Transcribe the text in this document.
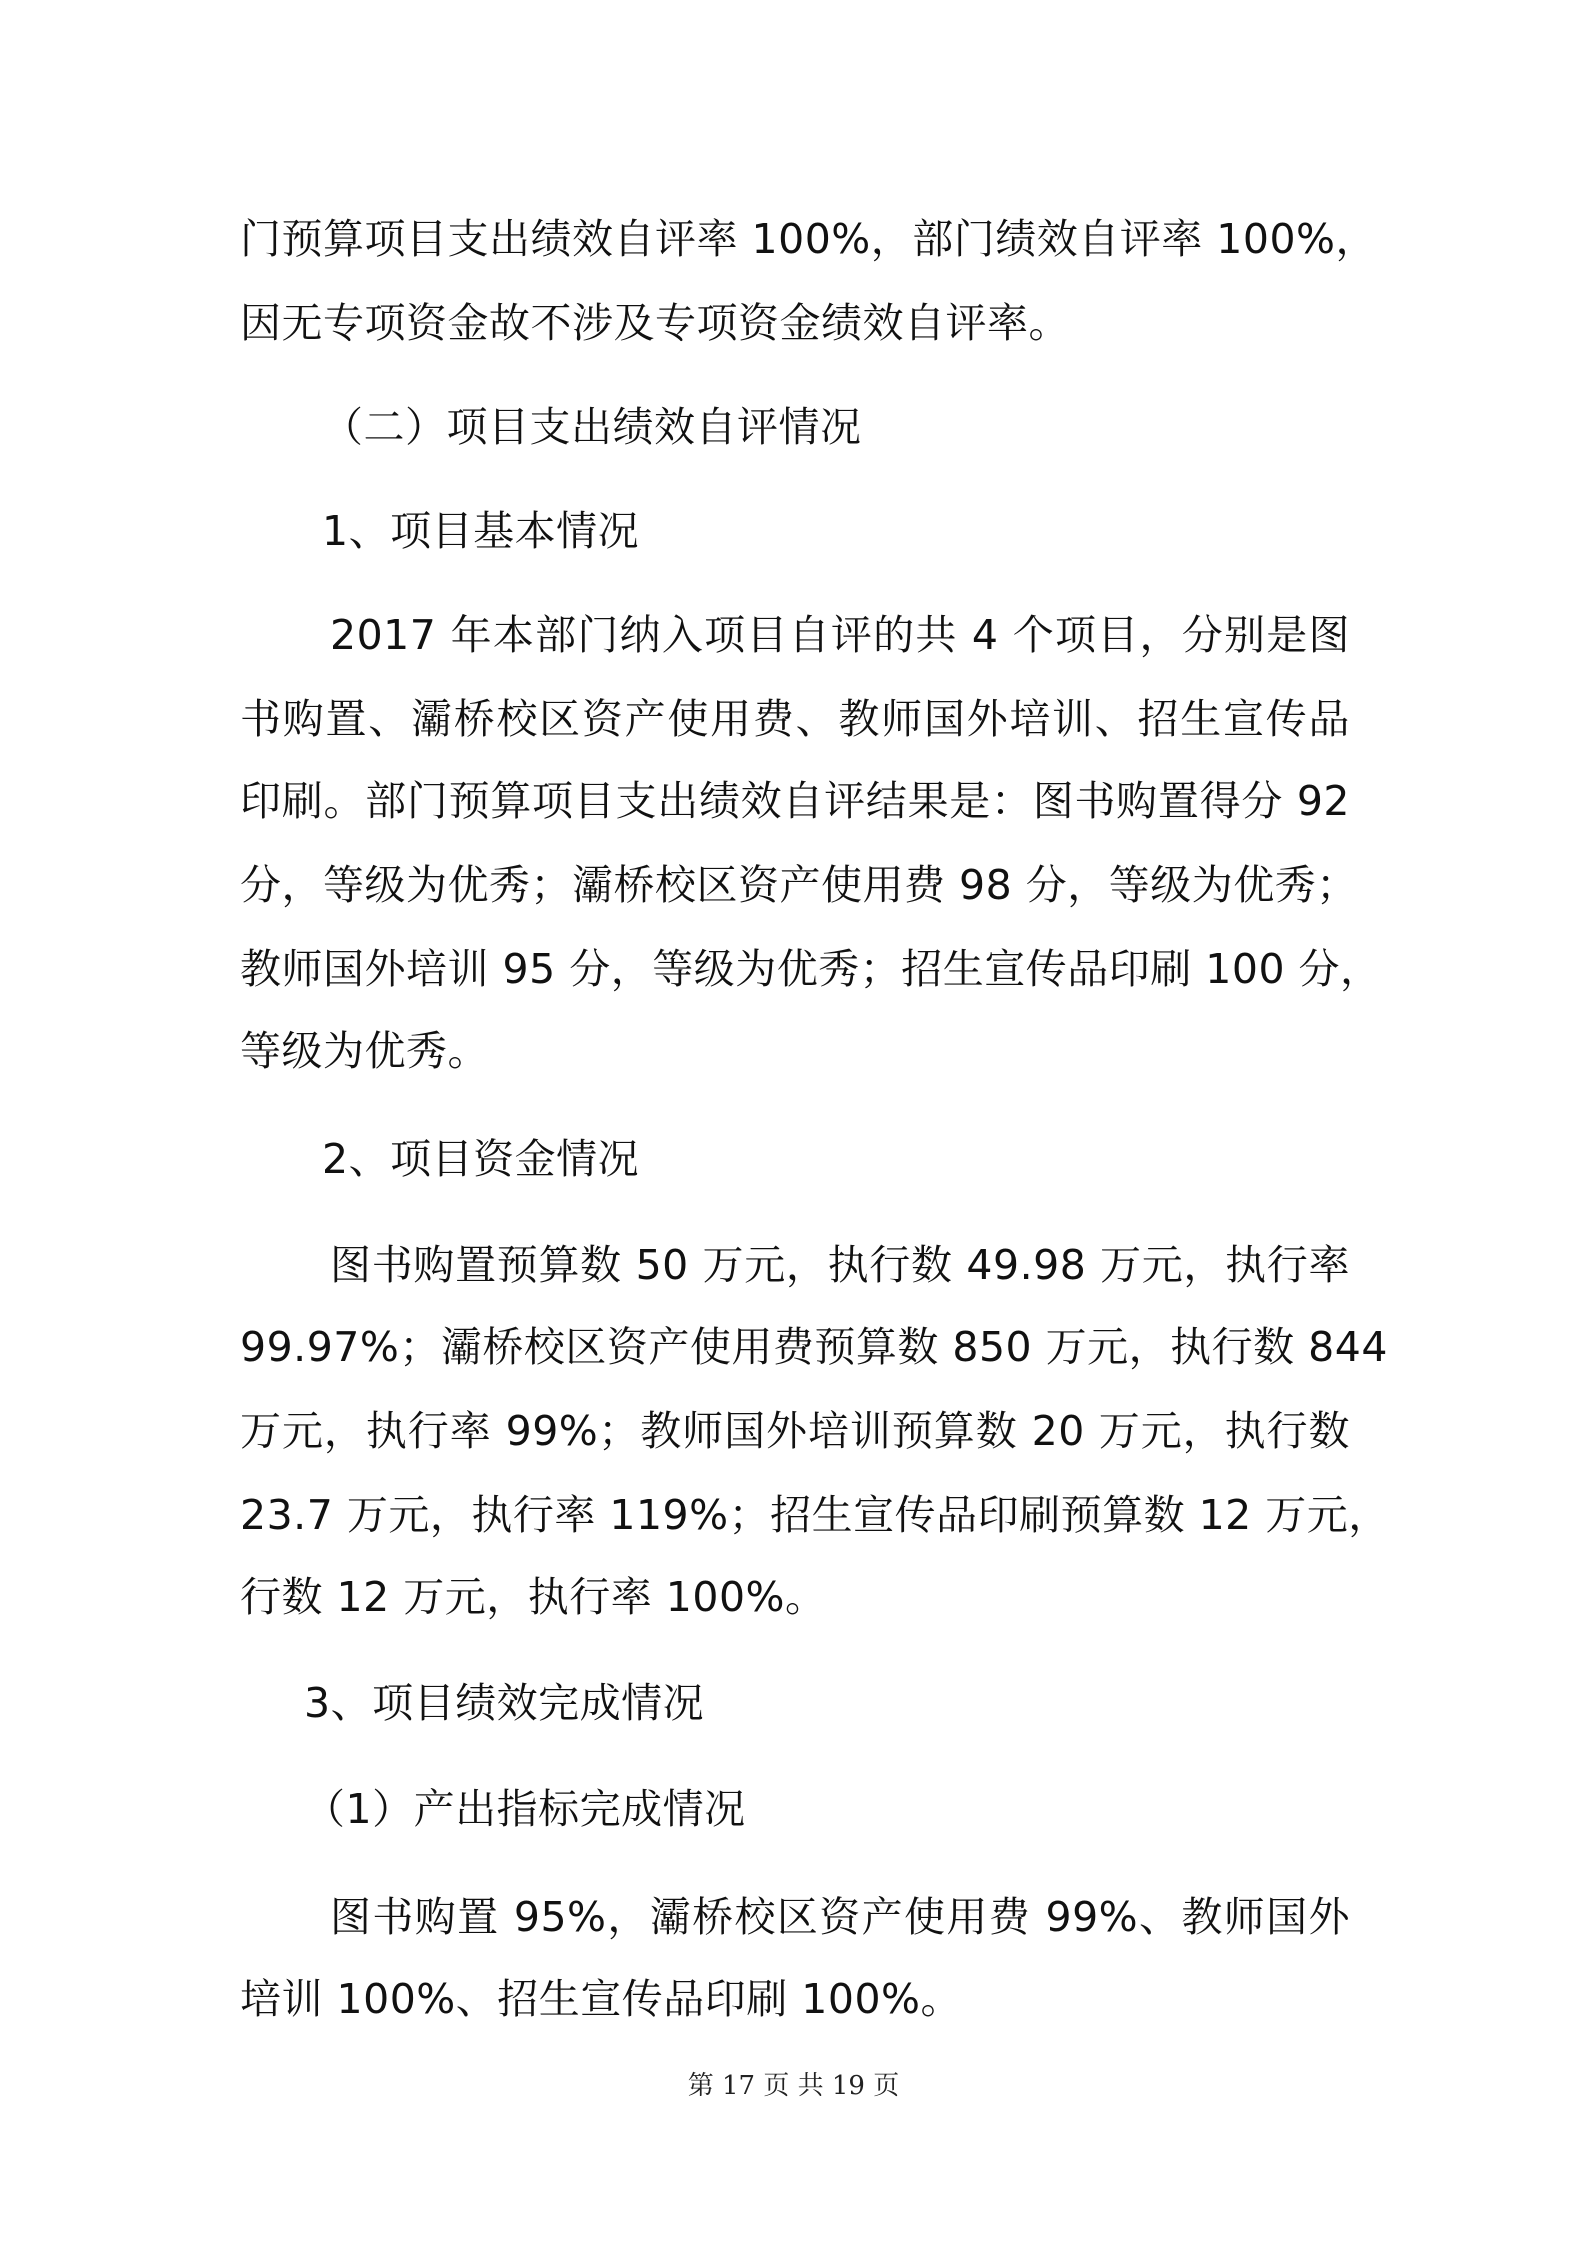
门预算项目支出绩效自评率 100%，部门绩效自评率 100%，

因无专项资金故不涉及专项资金绩效自评率。

（二）项目支出绩效自评情况

1、项目基本情况

2017 年本部门纳入项目自评的共 4 个项目，分别是图

书购置、灞桥校区资产使用费、教师国外培训、招生宣传品

印刷。部门预算项目支出绩效自评结果是：图书购置得分 92

分，等级为优秀；灞桥校区资产使用费 98 分，等级为优秀；

教师国外培训 95 分，等级为优秀；招生宣传品印刷 100 分，

等级为优秀。

2、项目资金情况

图书购置预算数 50 万元，执行数 49.98 万元，执行率

99.97%；灞桥校区资产使用费预算数 850 万元，执行数 844

万元，执行率 99%；教师国外培训预算数 20 万元，执行数

23.7 万元，执行率 119%；招生宣传品印刷预算数 12 万元，

行数 12 万元，执行率 100%。

3、项目绩效完成情况

（1）产出指标完成情况

图书购置 95%，灞桥校区资产使用费 99%、教师国外

培训 100%、招生宣传品印刷 100%。

第 17 页 共 19 页
